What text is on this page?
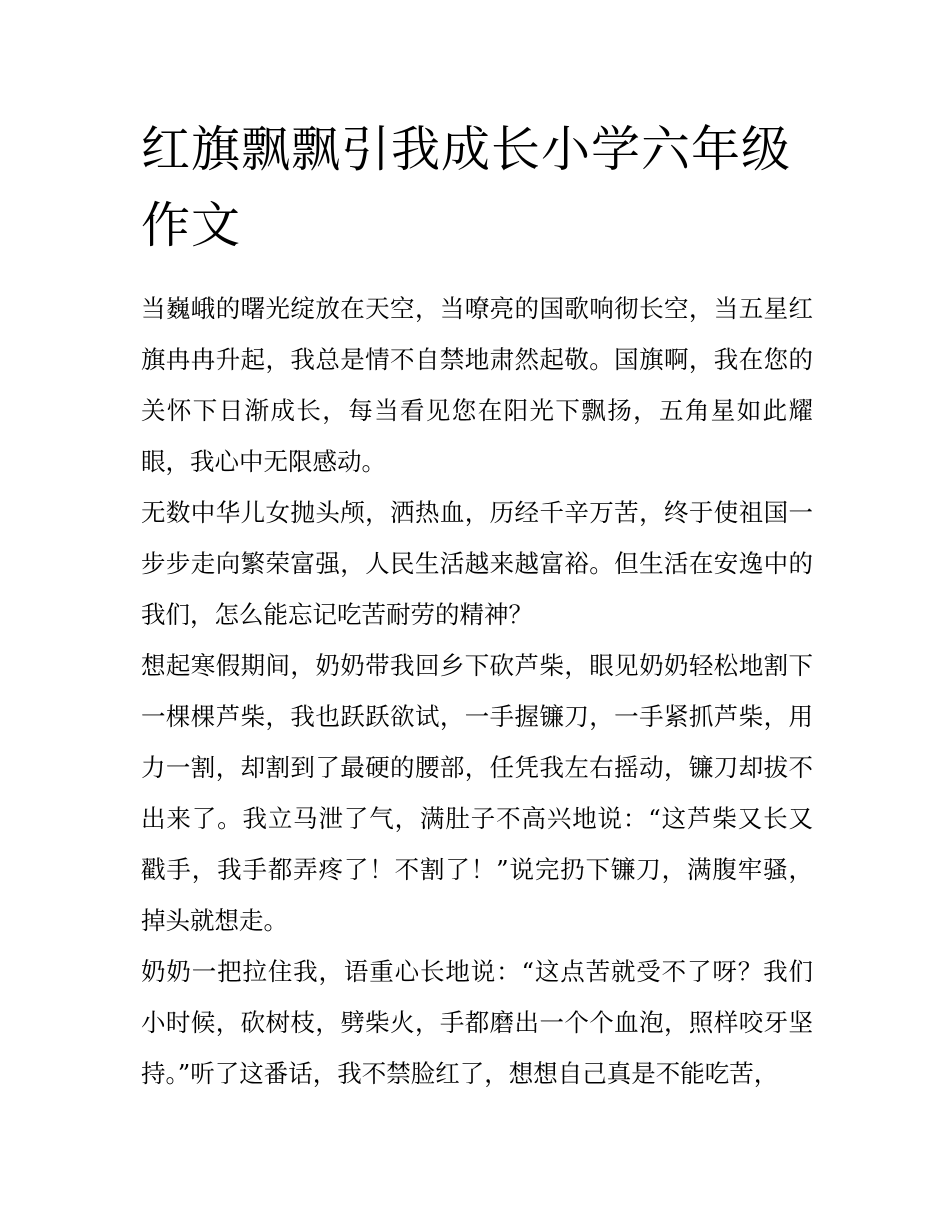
红旗飘飘引我成长小学六年级作文

当巍峨的曙光绽放在天空，当嘹亮的国歌响彻长空，当五星红旗冉冉升起，我总是情不自禁地肃然起敬。国旗啊，我在您的关怀下日渐成长，每当看见您在阳光下飘扬，五角星如此耀眼，我心中无限感动。

无数中华儿女抛头颅，洒热血，历经千辛万苦，终于使祖国一步步走向繁荣富强，人民生活越来越富裕。但生活在安逸中的我们，怎么能忘记吃苦耐劳的精神？

想起寒假期间，奶奶带我回乡下砍芦柴，眼见奶奶轻松地割下一棵棵芦柴，我也跃跃欲试，一手握镰刀，一手紧抓芦柴，用力一割，却割到了最硬的腰部，任凭我左右摇动，镰刀却拔不出来了。我立马泄了气，满肚子不高兴地说：“这芦柴又长又戳手，我手都弄疼了！不割了！”说完扔下镰刀，满腹牢骚，掉头就想走。

奶奶一把拉住我，语重心长地说：“这点苦就受不了呀？我们小时候，砍树枝，劈柴火，手都磨出一个个血泡，照样咬牙坚持。”听了这番话，我不禁脸红了，想想自己真是不能吃苦，
